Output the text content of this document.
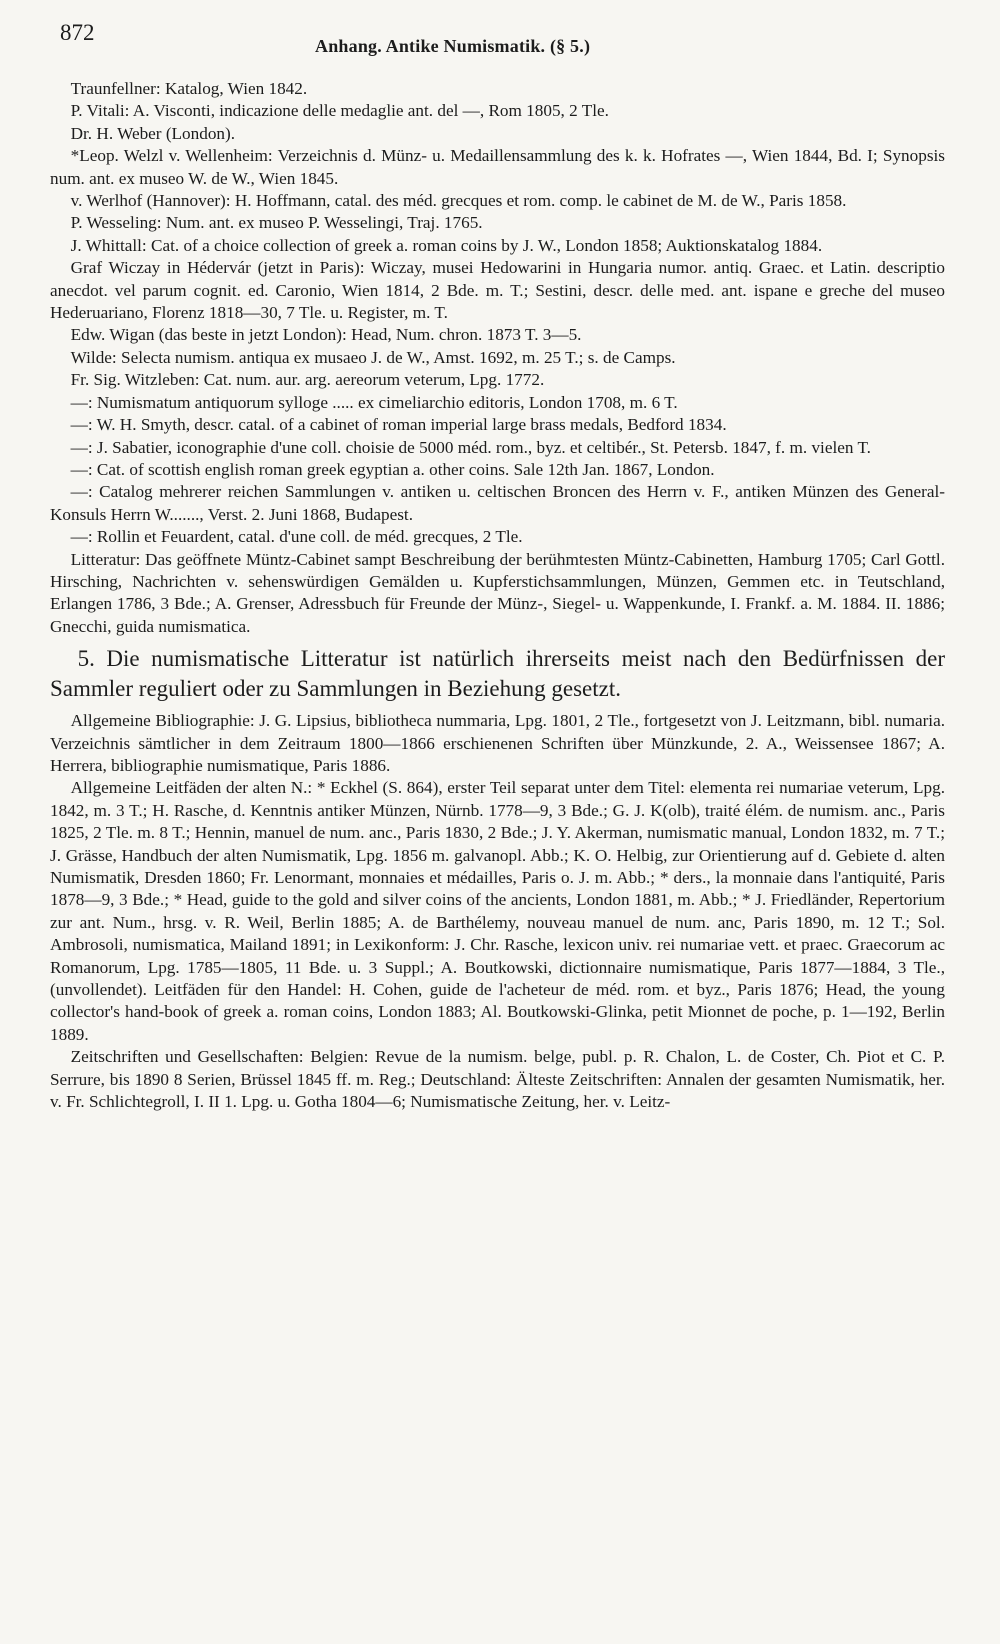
872
Anhang. Antike Numismatik. (§ 5.)

Traunfellner: Katalog, Wien 1842.

P. Vitali: A. Visconti, indicazione delle medaglie ant. del —, Rom 1805, 2 Tle.

Dr. H. Weber (London).

*Leop. Welzl v. Wellenheim: Verzeichnis d. Münz- u. Medaillensammlung des k. k. Hofrates —, Wien 1844, Bd. I; Synopsis num. ant. ex museo W. de W., Wien 1845.

v. Werlhof (Hannover): H. Hoffmann, catal. des méd. grecques et rom. comp. le cabinet de M. de W., Paris 1858.

P. Wesseling: Num. ant. ex museo P. Wesselingi, Traj. 1765.

J. Whittall: Cat. of a choice collection of greek a. roman coins by J. W., London 1858; Auktionskatalog 1884.

Graf Wiczay in Hédervár (jetzt in Paris): Wiczay, musei Hedowarini in Hungaria numor. antiq. Graec. et Latin. descriptio anecdot. vel parum cognit. ed. Caronio, Wien 1814, 2 Bde. m. T.; Sestini, descr. delle med. ant. ispane e greche del museo Hederuariano, Florenz 1818—30, 7 Tle. u. Register, m. T.

Edw. Wigan (das beste in jetzt London): Head, Num. chron. 1873 T. 3—5.

Wilde: Selecta numism. antiqua ex musaeo J. de W., Amst. 1692, m. 25 T.; s. de Camps.

Fr. Sig. Witzleben: Cat. num. aur. arg. aereorum veterum, Lpg. 1772.

—: Numismatum antiquorum sylloge ..... ex cimeliarchio editoris, London 1708, m. 6 T.

—: W. H. Smyth, descr. catal. of a cabinet of roman imperial large brass medals, Bedford 1834.

—: J. Sabatier, iconographie d'une coll. choisie de 5000 méd. rom., byz. et celtibér., St. Petersb. 1847, f. m. vielen T.

—: Cat. of scottish english roman greek egyptian a. other coins. Sale 12th Jan. 1867, London.

—: Catalog mehrerer reichen Sammlungen v. antiken u. celtischen Broncen des Herrn v. F., antiken Münzen des General-Konsuls Herrn W......., Verst. 2. Juni 1868, Budapest.

—: Rollin et Feuardent, catal. d'une coll. de méd. grecques, 2 Tle.

Litteratur: Das geöffnete Müntz-Cabinet sampt Beschreibung der berühmtesten Müntz-Cabinetten, Hamburg 1705; Carl Gottl. Hirsching, Nachrichten v. sehenswürdigen Gemälden u. Kupferstichsammlungen, Münzen, Gemmen etc. in Teutschland, Erlangen 1786, 3 Bde.; A. Grenser, Adressbuch für Freunde der Münz-, Siegel- u. Wappenkunde, I. Frankf. a. M. 1884. II. 1886; Gnecchi, guida numismatica.

5. Die numismatische Litteratur ist natürlich ihrerseits meist nach den Bedürfnissen der Sammler reguliert oder zu Sammlungen in Beziehung gesetzt.

Allgemeine Bibliographie: J. G. Lipsius, bibliotheca nummaria, Lpg. 1801, 2 Tle., fortgesetzt von J. Leitzmann, bibl. numaria. Verzeichnis sämtlicher in dem Zeitraum 1800—1866 erschienenen Schriften über Münzkunde, 2. A., Weissensee 1867; A. Herrera, bibliographie numismatique, Paris 1886.

Allgemeine Leitfäden der alten N.: * Eckhel (S. 864), erster Teil separat unter dem Titel: elementa rei numariae veterum, Lpg. 1842, m. 3 T.; H. Rasche, d. Kenntnis antiker Münzen, Nürnb. 1778—9, 3 Bde.; G. J. K(olb), traité élém. de numism. anc., Paris 1825, 2 Tle. m. 8 T.; Hennin, manuel de num. anc., Paris 1830, 2 Bde.; J. Y. Akerman, numismatic manual, London 1832, m. 7 T.; J. Grässe, Handbuch der alten Numismatik, Lpg. 1856 m. galvanopl. Abb.; K. O. Helbig, zur Orientierung auf d. Gebiete d. alten Numismatik, Dresden 1860; Fr. Lenormant, monnaies et médailles, Paris o. J. m. Abb.; * ders., la monnaie dans l'antiquité, Paris 1878—9, 3 Bde.; * Head, guide to the gold and silver coins of the ancients, London 1881, m. Abb.; * J. Friedländer, Repertorium zur ant. Num., hrsg. v. R. Weil, Berlin 1885; A. de Barthélemy, nouveau manuel de num. anc, Paris 1890, m. 12 T.; Sol. Ambrosoli, numismatica, Mailand 1891; in Lexikonform: J. Chr. Rasche, lexicon univ. rei numariae vett. et praec. Graecorum ac Romanorum, Lpg. 1785—1805, 11 Bde. u. 3 Suppl.; A. Boutkowski, dictionnaire numismatique, Paris 1877—1884, 3 Tle., (unvollendet). Leitfäden für den Handel: H. Cohen, guide de l'acheteur de méd. rom. et byz., Paris 1876; Head, the young collector's hand-book of greek a. roman coins, London 1883; Al. Boutkowski-Glinka, petit Mionnet de poche, p. 1—192, Berlin 1889.

Zeitschriften und Gesellschaften: Belgien: Revue de la numism. belge, publ. p. R. Chalon, L. de Coster, Ch. Piot et C. P. Serrure, bis 1890 8 Serien, Brüssel 1845 ff. m. Reg.; Deutschland: Älteste Zeitschriften: Annalen der gesamten Numismatik, her. v. Fr. Schlichtegroll, I. II 1. Lpg. u. Gotha 1804—6; Numismatische Zeitung, her. v. Leitz-
